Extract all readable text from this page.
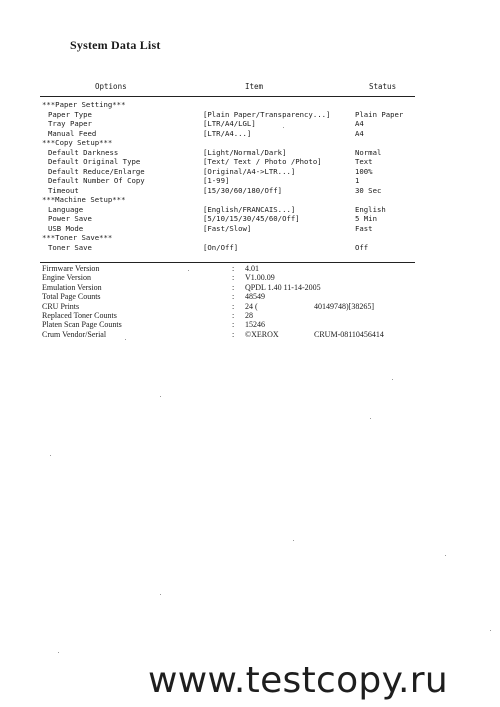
System Data List
Options	Item	Status
***Paper Setting***
Paper Type	[Plain Paper/Transparency...]	Plain Paper
Tray Paper	[LTR/A4/LGL]	A4
Manual Feed	[LTR/A4...]	A4
***Copy Setup***
Default Darkness	[Light/Normal/Dark]	Normal
Default Original Type	[Text/ Text / Photo /Photo]	Text
Default Reduce/Enlarge	[Original/A4->LTR...]	100%
Default Number Of Copy	[1-99]	1
Timeout	[15/30/60/180/Off]	30 Sec
***Machine Setup***
Language	[English/FRANCAIS...]	English
Power Save	[5/10/15/30/45/60/Off]	5 Min
USB Mode	[Fast/Slow]	Fast
***Toner Save***
Toner Save	[On/Off]	Off
Firmware Version	: 4.01
Engine Version	: V1.00.09
Emulation Version	: QPDL 1.40 11-14-2005
Total Page Counts	: 48549
CRU Prints	: 24 (	40149748)[38265]
Replaced Toner Counts	: 28
Platen Scan Page Counts	: 15246
Crum Vendor/Serial	: ©XEROX	CRUM-08110456414
www.testcopy.ru
